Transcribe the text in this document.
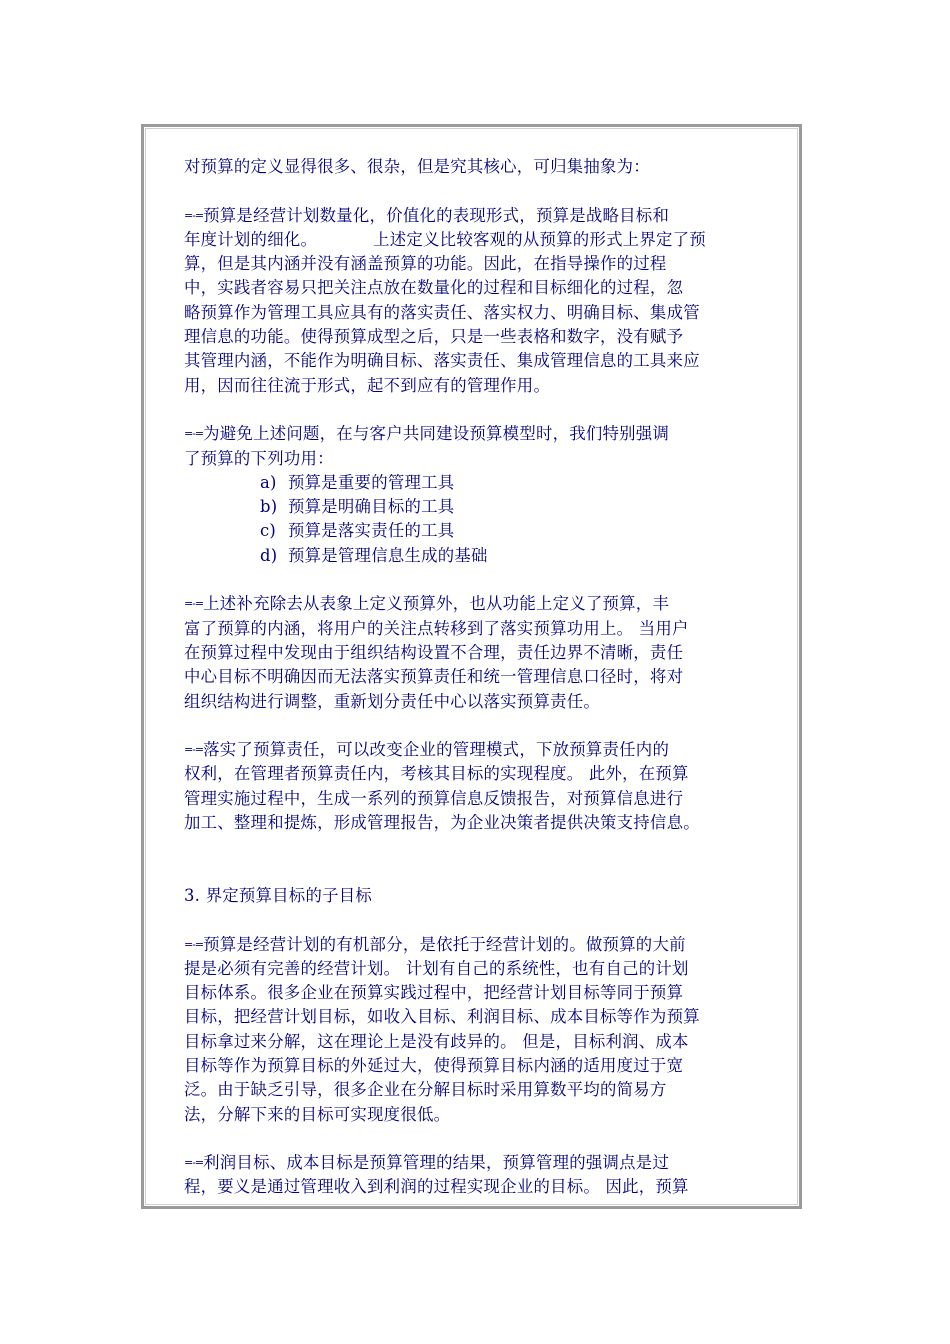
对预算的定义显得很多、很杂，但是究其核心，可归集抽象为：
=-=预算是经营计划数量化，价值化的表现形式，预算是战略目标和
年度计划的细化。	上述定义比较客观的从预算的形式上界定了预
算，但是其内涵并没有涵盖预算的功能。因此，在指导操作的过程
中，实践者容易只把关注点放在数量化的过程和目标细化的过程，忽
略预算作为管理工具应具有的落实责任、落实权力、明确目标、集成管
理信息的功能。使得预算成型之后，只是一些表格和数字，没有赋予
其管理内涵，不能作为明确目标、落实责任、集成管理信息的工具来应
用，因而往往流于形式，起不到应有的管理作用。
=-=为避免上述问题，在与客户共同建设预算模型时，我们特别强调
了预算的下列功用：
a) 预算是重要的管理工具
b) 预算是明确目标的工具
c) 预算是落实责任的工具
d) 预算是管理信息生成的基础
=-=上述补充除去从表象上定义预算外，也从功能上定义了预算，丰
富了预算的内涵，将用户的关注点转移到了落实预算功用上。 当用户
在预算过程中发现由于组织结构设置不合理，责任边界不清晰，责任
中心目标不明确因而无法落实预算责任和统一管理信息口径时，将对
组织结构进行调整，重新划分责任中心以落实预算责任。
=-=落实了预算责任，可以改变企业的管理模式，下放预算责任内的
权利，在管理者预算责任内，考核其目标的实现程度。 此外，在预算
管理实施过程中，生成一系列的预算信息反馈报告，对预算信息进行
加工、整理和提炼，形成管理报告，为企业决策者提供决策支持信息。
3. 界定预算目标的子目标
=-=预算是经营计划的有机部分，是依托于经营计划的。做预算的大前
提是必须有完善的经营计划。 计划有自己的系统性，也有自己的计划
目标体系。很多企业在预算实践过程中，把经营计划目标等同于预算
目标，把经营计划目标，如收入目标、利润目标、成本目标等作为预算
目标拿过来分解，这在理论上是没有歧异的。 但是，目标利润、成本
目标等作为预算目标的外延过大，使得预算目标内涵的适用度过于宽
泛。由于缺乏引导，很多企业在分解目标时采用算数平均的简易方
法，分解下来的目标可实现度很低。
=-=利润目标、成本目标是预算管理的结果，预算管理的强调点是过
程，要义是通过管理收入到利润的过程实现企业的目标。 因此，预算
